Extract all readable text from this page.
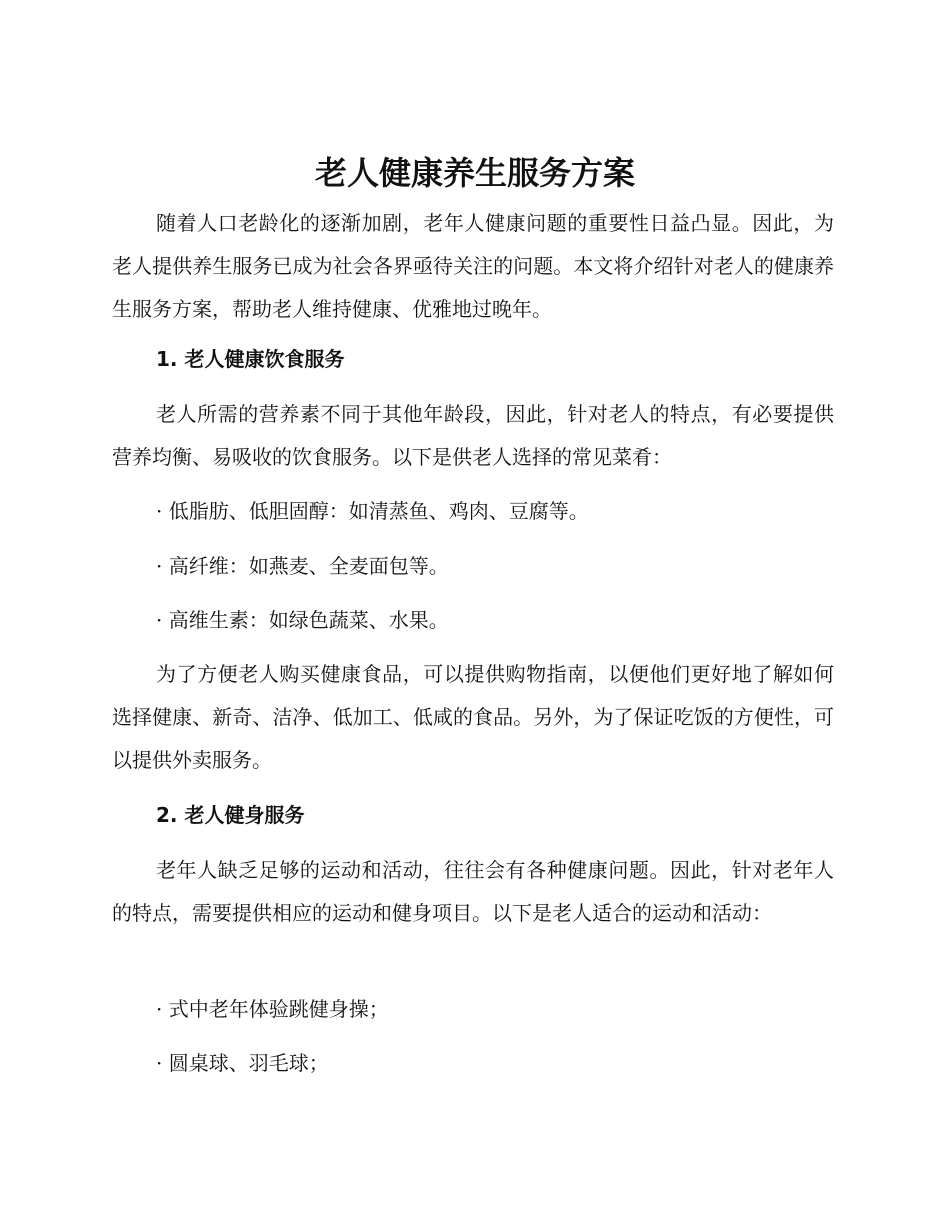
老人健康养生服务方案

随着人口老龄化的逐渐加剧，老年人健康问题的重要性日益凸显。因此，为老人提供养生服务已成为社会各界亟待关注的问题。本文将介绍针对老人的健康养生服务方案，帮助老人维持健康、优雅地过晚年。

1. 老人健康饮食服务

老人所需的营养素不同于其他年龄段，因此，针对老人的特点，有必要提供营养均衡、易吸收的饮食服务。以下是供老人选择的常见菜肴：

· 低脂肪、低胆固醇：如清蒸鱼、鸡肉、豆腐等。

· 高纤维：如燕麦、全麦面包等。

· 高维生素：如绿色蔬菜、水果。

为了方便老人购买健康食品，可以提供购物指南，以便他们更好地了解如何选择健康、新奇、洁净、低加工、低咸的食品。另外，为了保证吃饭的方便性，可以提供外卖服务。

2. 老人健身服务

老年人缺乏足够的运动和活动，往往会有各种健康问题。因此，针对老年人的特点，需要提供相应的运动和健身项目。以下是老人适合的运动和活动：

· 式中老年体验跳健身操；

· 圆桌球、羽毛球；
